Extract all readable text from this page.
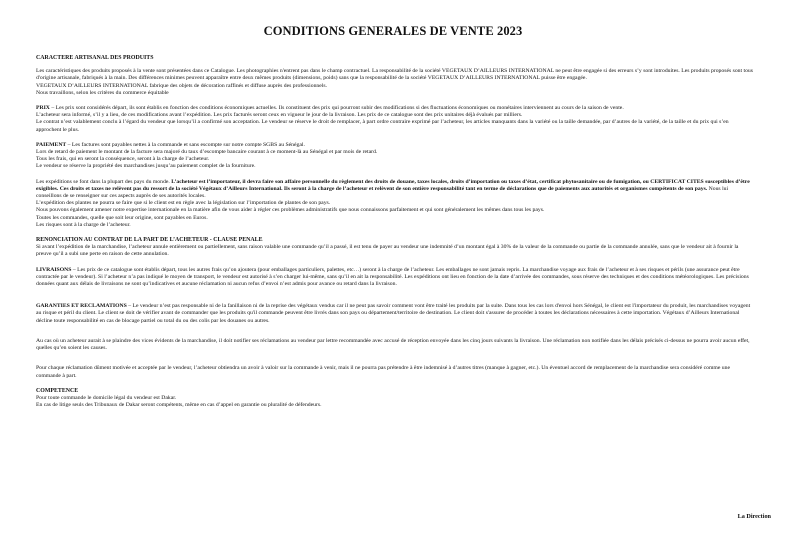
CONDITIONS GENERALES DE VENTE 2023
CARACTERE ARTISANAL DES PRODUITS

Les caractéristiques des produits proposés à la vente sont présentées dans ce Catalogue. Les photographies n'entrent pas dans le champ contractuel. La responsabilité de la société VEGETAUX D’AILLEURS INTERNATIONAL ne peut être engagée si des erreurs s’y sont introduites. Les produits proposés sont tous d'origine artisanale, fabriqués à la main. Des différences minimes peuvent apparaître entre deux mêmes produits (dimensions, poids) sans que la responsabilité de la société VEGETAUX D’AILLEURS INTERNATIONAL puisse être engagée.

VEGETAUX D’AILLEURS INTERNATIONAL fabrique des objets de décoration raffinés et diffuse auprès des professionnels.

Nous travaillons, selon les critères du commerce équitable

PRIX – Les prix sont considérés départ, ils sont établis en fonction des conditions économiques actuelles. Ils constituent des prix qui pourront subir des modifications si des fluctuations économiques ou monétaires interviennent au cours de la saison de vente.

L’acheteur sera informé, s’il y a lieu, de ces modifications avant l’expédition. Les prix facturés seront ceux en vigueur le jour de la livraison. Les prix de ce catalogue sont des prix unitaires déjà évalués par milliers.

Le contrat n’est valablement conclu à l’égard du vendeur que lorsqu’il a confirmé son acceptation. Le vendeur se réserve le droit de remplacer, à part ordre contraire exprimé par l’acheteur, les articles manquants dans la variété ou la taille demandée, par d’autres de la variété, de la taille et du prix qui s’en approchent le plus.

PAIEMENT – Les factures sont payables nettes à la commande et sans escompte sur notre compte SGBS au Sénégal.

Lors de retard de paiement le montant de la facture sera majoré du taux d’escompte bancaire courant à ce moment-là au Sénégal et par mois de retard.

Tous les frais, qui en seront la conséquence, seront à la charge de l’acheteur.

Le vendeur se réserve la propriété des marchandises jusqu’au paiement complet de la fourniture.

Les expéditions se font dans la plupart des pays du monde. L’acheteur est l’importateur, il devra faire son affaire personnelle du règlement des droits de douane, taxes locales, droits d’importation ou taxes d’état, certificat phytosanitaire ou de fumigation, ou CERTIFICAT CITES susceptibles d’être exigibles. Ces droits et taxes ne relèvent pas du ressort de la société Végétaux d’Ailleurs International. Ils seront à la charge de l’acheteur et relèvent de son entière responsabilité tant en terme de déclarations que de paiements aux autorités et organismes compétents de son pays. Nous lui conseillons de se renseigner sur ces aspects auprès de ses autorités locales.

L’expédition des plantes ne pourra se faire que si le client est en règle avec la législation sur l’importation de plantes de son pays.

Nous pouvons également amener notre expertise internationale en la matière afin de vous aider à régler ces problèmes administratifs que nous connaissons parfaitement et qui sont généralement les mêmes dans tous les pays.

Toutes les commandes, quelle que soit leur origine, sont payables en Euros.

Les risques sont à la charge de l’acheteur.

RENONCIATION AU CONTRAT DE LA PART DE L’ACHETEUR - CLAUSE PENALE

Si avant l’expédition de la marchandise, l’acheteur annule entièrement ou partiellement, sans raison valable une commande qu’il a passé, il est tenu de payer au vendeur une indemnité d’un montant égal à 30% de la valeur de la commande ou partie de la commande annulée, sans que le vendeur ait à fournir la preuve qu’il a subi une perte en raison de cette annulation.

LIVRAISONS – Les prix de ce catalogue sont établis départ, tous les autres frais qu’on ajoutera (pour emballages particuliers, palettes, etc…) seront à la charge de l’acheteur. Les emballages ne sont jamais repris. La marchandise voyage aux frais de l’acheteur et à ses risques et périls (une assurance peut être contractée par le vendeur). Si l’acheteur n’a pas indiqué le moyen de transport, le vendeur est autorisé à s’en charger lui-même, sans qu’il en ait la responsabilité. Les expéditions ont lieu en fonction de la date d’arrivée des commandes, sous réserve des techniques et des conditions météorologiques. Les précisions données quant aux délais de livraisons ne sont qu’indicatives et aucune réclamation ni aucun refus d’envoi n’est admis pour avance ou retard dans la livraison.

GARANTIES ET RECLAMATIONS – Le vendeur n’est pas responsable ni de la fanillaison ni de la reprise des végétaux vendus car il ne peut pas savoir comment vont être traité les produits par la suite. Dans tous les cas lors d'envoi hors Sénégal, le client est l'importateur du produit, les marchandises voyagent au risque et péril du client. Le client se doit de vérifier avant de commander que les produits qu'il commande peuvent être livrés dans son pays ou département/territoire de destination. Le client doit s'assurer de procéder à toutes les déclarations nécessaires à cette importation. Végétaux d’Ailleurs International décline toute responsabilité en cas de blocage partiel ou total du ou des colis par les douanes ou autres.

Au cas où un acheteur aurait à se plaindre des vices évidents de la marchandise, il doit notifier ses réclamations au vendeur par lettre recommandée avec accusé de réception envoyée dans les cinq jours suivants la livraison. Une réclamation non notifiée dans les délais précisés ci-dessus ne pourra avoir aucun effet, quelles qu’en soient les causes.

Pour chaque réclamation dûment motivée et acceptée par le vendeur, l’acheteur obtiendra un avoir à valoir sur la commande à venir, mais il ne pourra pas prétendre à être indemnisé à d’autres titres (manque à gagner, etc.). Un éventuel accord de remplacement de la marchandise sera considéré comme une commande à part.

COMPETENCE

Pour toute commande le domicile légal du vendeur est Dakar.

En cas de litige seuls des Tribunaux de Dakar seront compétents, même en cas d’appel en garantie ou pluralité de défendeurs.

La Direction
